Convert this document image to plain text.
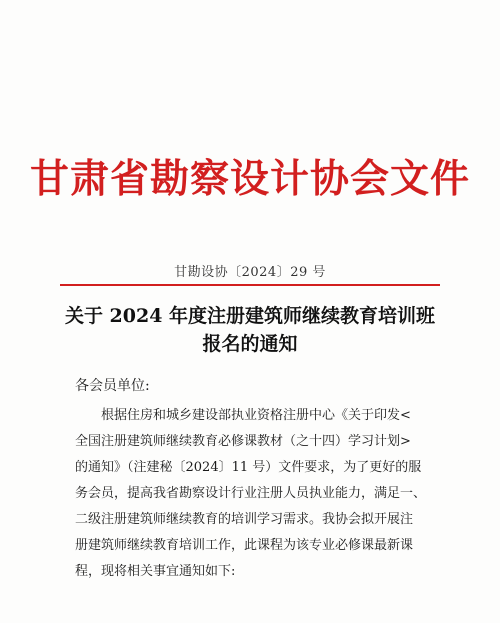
甘肃省勘察设计协会文件
甘勘设协〔2024〕29 号
关于 2024 年度注册建筑师继续教育培训班
报名的通知
各会员单位:
根据住房和城乡建设部执业资格注册中心《关于印发<
全国注册建筑师继续教育必修课教材（之十四）学习计划>
的通知》（注建秘〔2024〕11 号）文件要求，为了更好的服
务会员，提高我省勘察设计行业注册人员执业能力，满足一、
二级注册建筑师继续教育的培训学习需求。我协会拟开展注
册建筑师继续教育培训工作，此课程为该专业必修课最新课
程，现将相关事宜通知如下:
